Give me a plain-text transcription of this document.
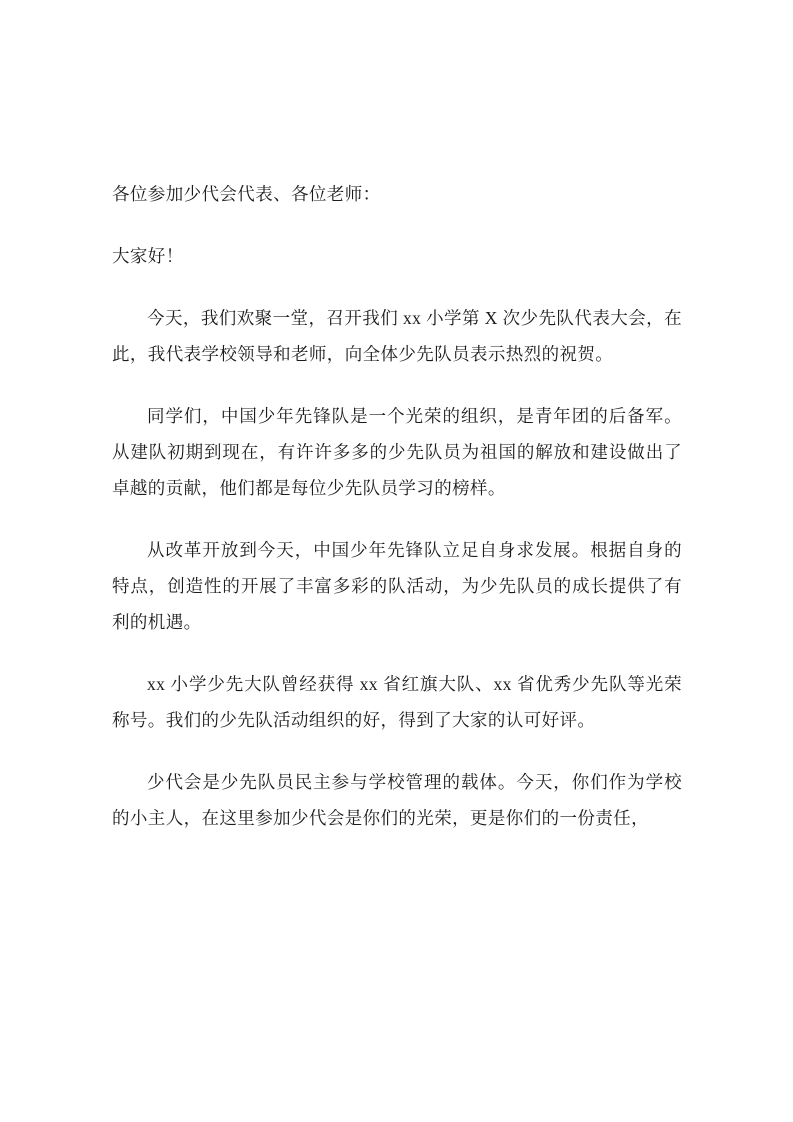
各位参加少代会代表、各位老师：

大家好！

今天，我们欢聚一堂，召开我们 xx 小学第 X 次少先队代表大会，在此，我代表学校领导和老师，向全体少先队员表示热烈的祝贺。

同学们，中国少年先锋队是一个光荣的组织，是青年团的后备军。从建队初期到现在，有许许多多的少先队员为祖国的解放和建设做出了卓越的贡献，他们都是每位少先队员学习的榜样。

从改革开放到今天，中国少年先锋队立足自身求发展。根据自身的特点，创造性的开展了丰富多彩的队活动，为少先队员的成长提供了有利的机遇。

xx 小学少先大队曾经获得 xx 省红旗大队、xx 省优秀少先队等光荣称号。我们的少先队活动组织的好，得到了大家的认可好评。

少代会是少先队员民主参与学校管理的载体。今天，你们作为学校的小主人，在这里参加少代会是你们的光荣，更是你们的一份责任，
